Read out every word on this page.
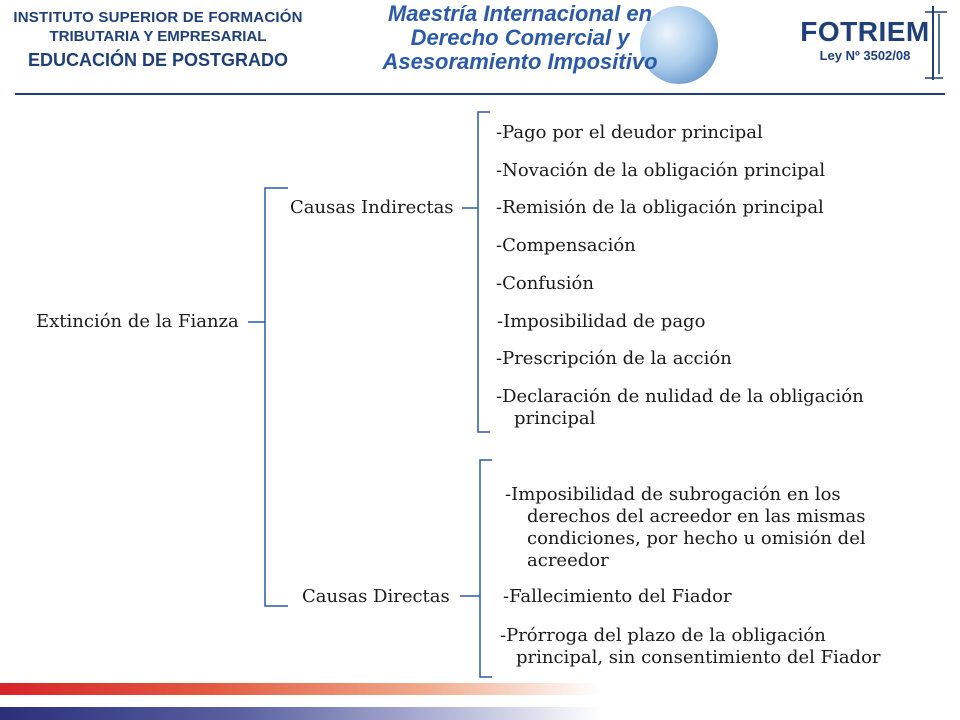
INSTITUTO SUPERIOR DE FORMACIÓN
TRIBUTARIA Y EMPRESARIAL
EDUCACIÓN DE POSTGRADO
Maestría Internacional en
Derecho Comercial y
Asesoramiento Impositivo
FOTRIEM
Ley Nº 3502/08
Extinción de la Fianza
Causas Indirectas
-Pago por el deudor principal
-Novación de la obligación principal
-Remisión de la obligación principal
-Compensación
-Confusión
-Imposibilidad de pago
-Prescripción de la acción
-Declaración de nulidad de la obligación principal
Causas Directas
-Imposibilidad de subrogación en los derechos del acreedor en las mismas condiciones, por hecho u omisión del acreedor
-Fallecimiento del Fiador
-Prórroga del plazo de la obligación principal, sin consentimiento del Fiador
